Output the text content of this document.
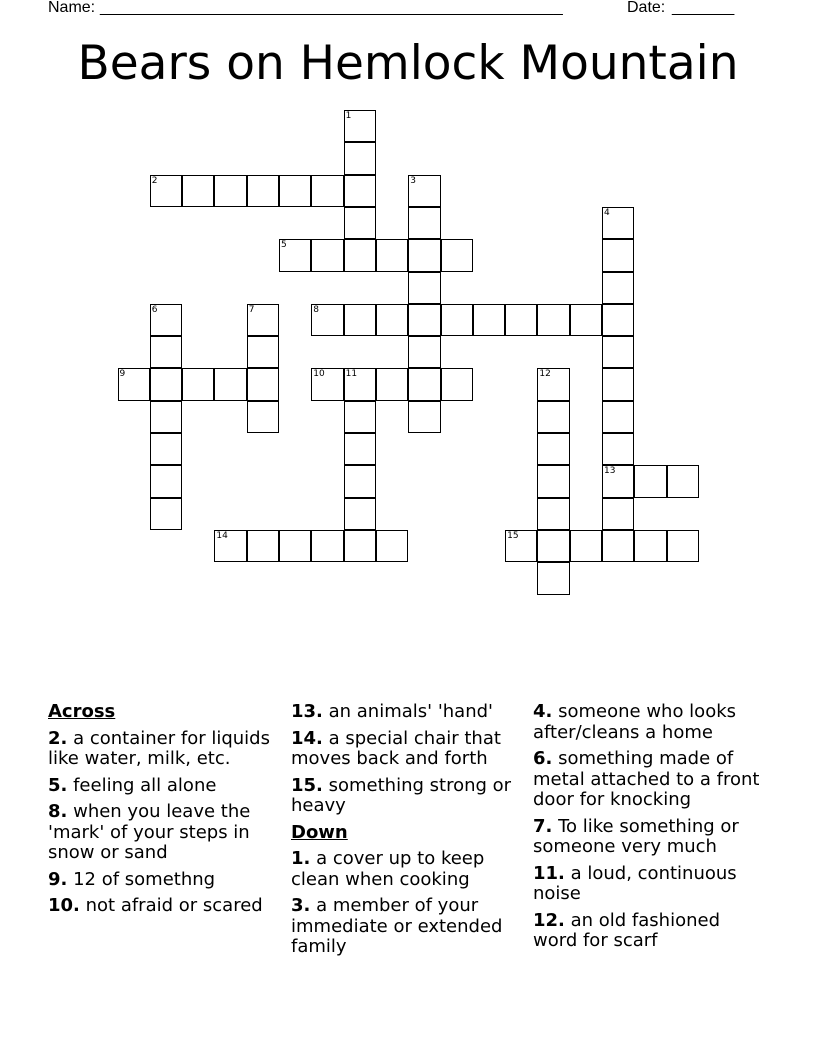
Name: ____________________________________________________	Date: _______
Bears on Hemlock Mountain
1
2	3
4
5
6	7	8
9	10 11	12
13
14	15
Across
2. a container for liquids like water, milk, etc.
5. feeling all alone
8. when you leave the 'mark' of your steps in snow or sand
9. 12 of somethng
10. not afraid or scared
13. an animals' 'hand'
14. a special chair that moves back and forth
15. something strong or heavy
Down
1. a cover up to keep clean when cooking
3. a member of your immediate or extended family
4. someone who looks after/cleans a home
6. something made of metal attached to a front door for knocking
7. To like something or someone very much
11. a loud, continuous noise
12. an old fashioned word for scarf
